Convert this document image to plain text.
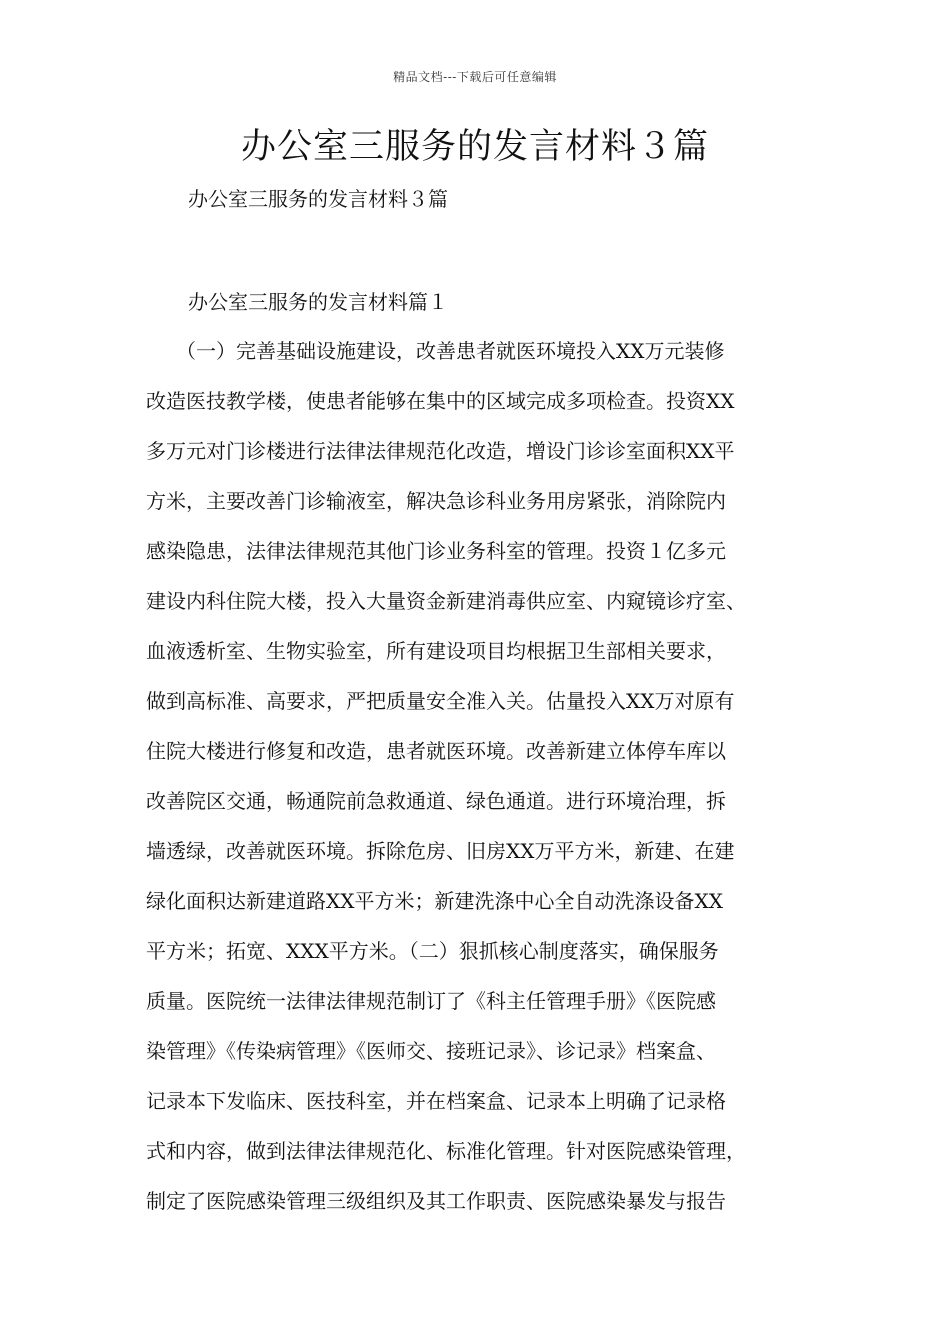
精品文档---下载后可任意编辑
办公室三服务的发言材料３篇
办公室三服务的发言材料３篇
办公室三服务的发言材料篇１
（一）完善基础设施建设，改善患者就医环境投入XX万元装修
改造医技教学楼，使患者能够在集中的区域完成多项检查。投资XX
多万元对门诊楼进行法律法律规范化改造，增设门诊诊室面积XX平
方米，主要改善门诊输液室，解决急诊科业务用房紧张，消除院内
感染隐患，法律法律规范其他门诊业务科室的管理。投资１亿多元
建设内科住院大楼，投入大量资金新建消毒供应室、内窥镜诊疗室、
血液透析室、生物实验室，所有建设项目均根据卫生部相关要求，
做到高标准、高要求，严把质量安全准入关。估量投入XX万对原有
住院大楼进行修复和改造，患者就医环境。改善新建立体停车库以
改善院区交通，畅通院前急救通道、绿色通道。进行环境治理，拆
墙透绿，改善就医环境。拆除危房、旧房XX万平方米，新建、在建
绿化面积达新建道路XX平方米；新建洗涤中心全自动洗涤设备XX
平方米；拓宽、XXX平方米。（二）狠抓核心制度落实，确保服务
质量。医院统一法律法律规范制订了《科主任管理手册》《医院感
染管理》《传染病管理》《医师交、接班记录》、诊记录》档案盒、
记录本下发临床、医技科室，并在档案盒、记录本上明确了记录格
式和内容，做到法律法律规范化、标准化管理。针对医院感染管理，
制定了医院感染管理三级组织及其工作职责、医院感染暴发与报告
